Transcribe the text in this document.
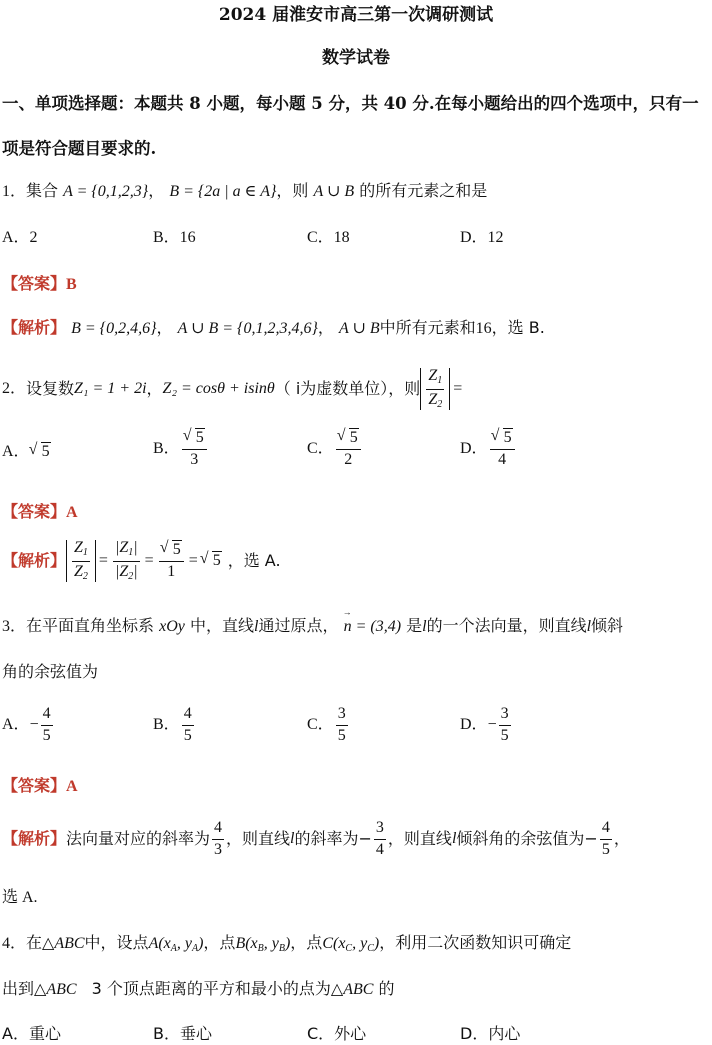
2024 届淮安市高三第一次调研测试
数学试卷
一、单项选择题：本题共 8 小题，每小题 5 分，共 40 分.在每小题给出的四个选项中，只有一
项是符合题目要求的.
1．集合 A = {0,1,2,3}， B = {2a | a ∈ A}，则 A ∪ B 的所有元素之和是
A．2	B．16	C．18	D．12
【答案】B
【解析】 B = {0,2,4,6}， A ∪ B = {0,1,2,3,4,6}， A ∪ B中所有元素和16，选 B.
2． 设复数 Z₁ = 1 + 2i ， Z₂ = cosθ + isinθ （ i为虚数单位），则 $\frac{Z_1}{Z_2}$ =
A． √ 5	B． √ $\frac{5}{3}$	C． √ $\frac{5}{2}$	D． √ $\frac{5}{4}$
【答案】A
【解析】 $\frac{Z_1}{Z_2} = \frac{|Z_1|}{|Z_2|}$ = √ $\frac{5}{1}$ = √ 5 ，选 A.
3．在平面直角坐标系 xOy 中，直线l通过原点， → n = (3,4) 是l的一个法向量，则直线l倾斜
角的余弦值为
A． − $\frac{4}{5}$	B． $\frac{4}{5}$	C． $\frac{3}{5}$	D． − $\frac{3}{5}$
【答案】A
【解析】 法向量对应的斜率为 $\frac{4}{3}$ ，则直线 l 的斜率为− $\frac{3}{4}$ ，则直线 l 倾斜角的余弦值为− $\frac{4}{5}$ ，
选 A.
4．在△ABC中，设点$A(x_A$, $y_A$)，点$B(x_B$, $y_B$)，点$C(x_C$, $y_C$)，利用二次函数知识可确定
出到△ABC 3 个顶点距离的平方和最小的点为△ABC 的
A．重心	B．垂心	C．外心	D．内心
